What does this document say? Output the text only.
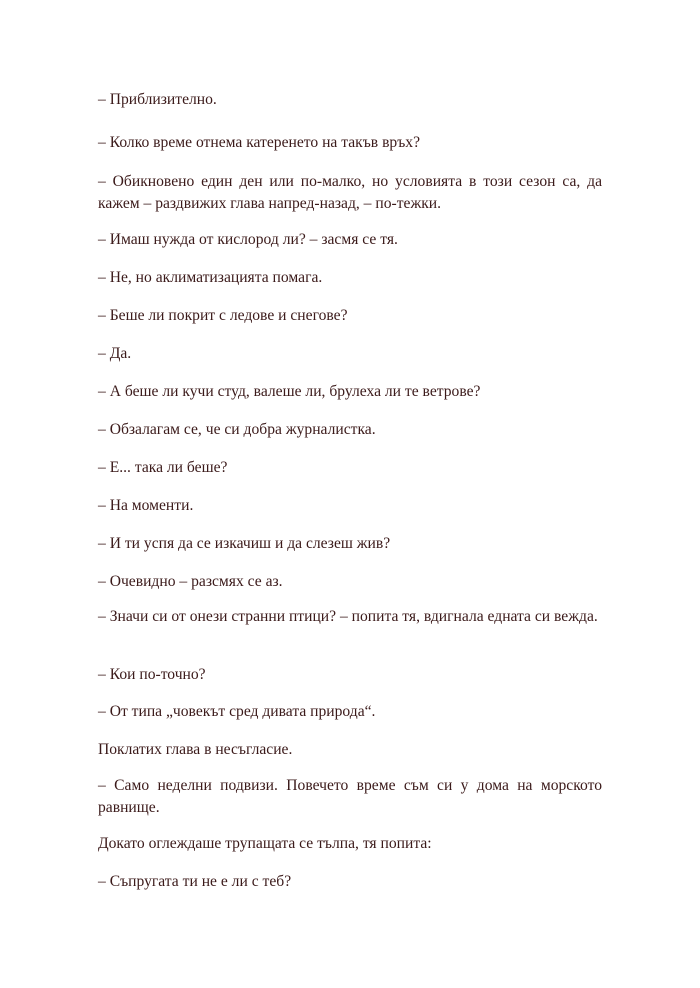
– Приблизително.

– Колко време отнема катеренето на такъв връх?

– Обикновено един ден или по-малко, но условията в този сезон са, да кажем – раздвижих глава напред-назад, – по-тежки.

– Имаш нужда от кислород ли? – засмя се тя.

– Не, но аклиматизацията помага.

– Беше ли покрит с ледове и снегове?

– Да.

– А беше ли кучи студ, валеше ли, брулеха ли те ветрове?

– Обзалагам се, че си добра журналистка.

– Е... така ли беше?

– На моменти.

– И ти успя да се изкачиш и да слезеш жив?

– Очевидно – разсмях се аз.

– Значи си от онези странни птици? – попита тя, вдигнала едната си вежда.

– Кои по-точно?

– От типа „човекът сред дивата природа“.

Поклатих глава в несъгласие.

– Само неделни подвизи. Повечето време съм си у дома на морското равнище.

Докато оглеждаше трупащата се тълпа, тя попита:

– Съпругата ти не е ли с теб?
